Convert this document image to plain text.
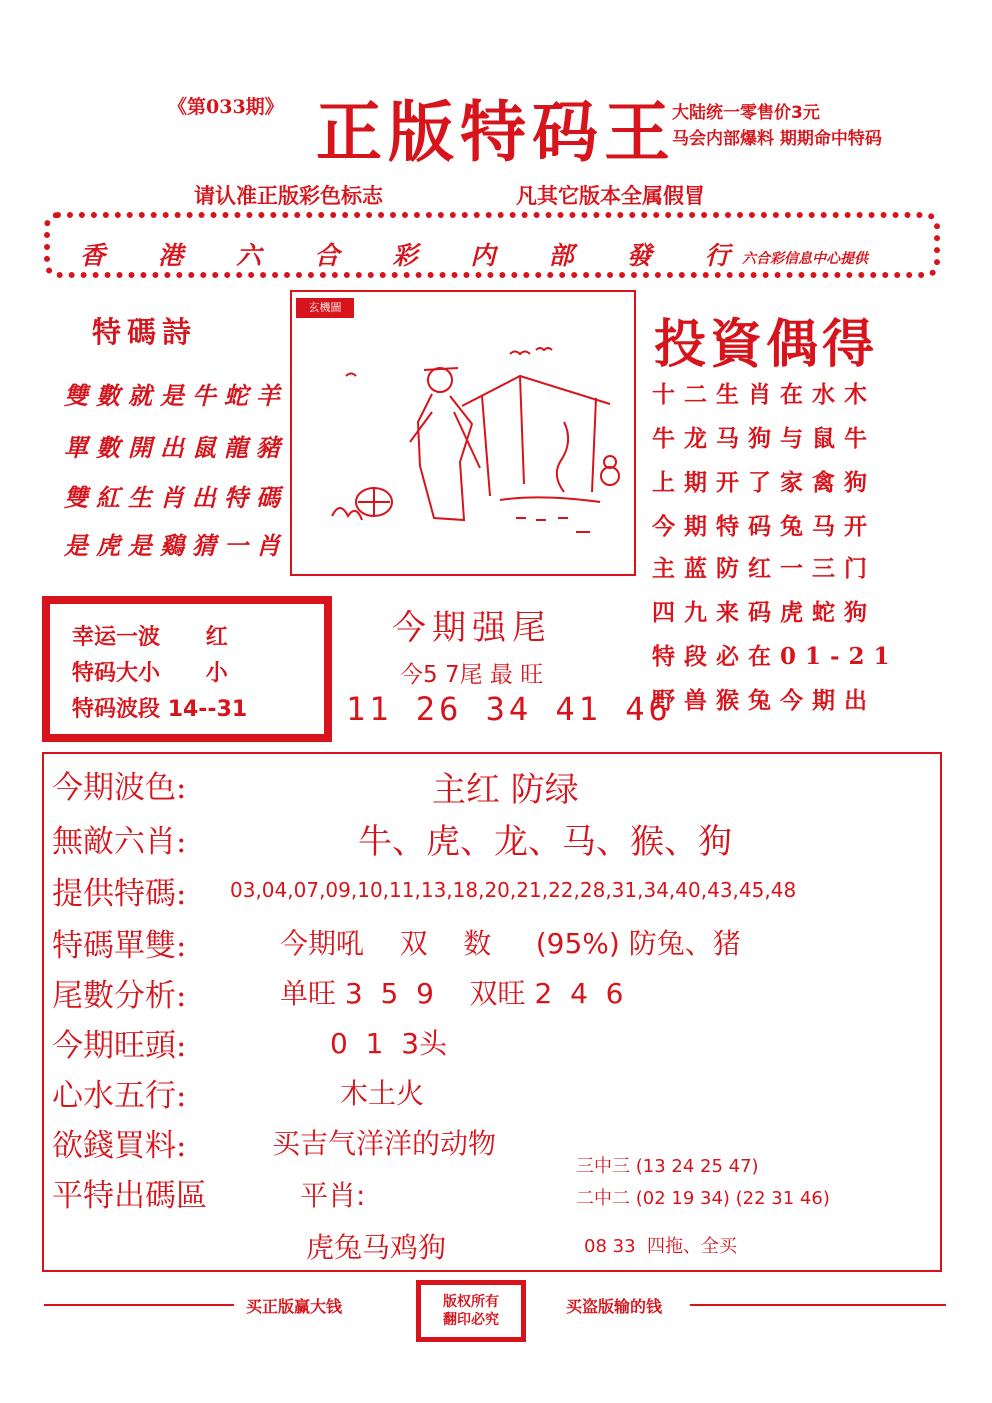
《第033期》 正版特码王
大陆统一零售价3元
马会内部爆料 期期命中特码
请认准正版彩色标志	凡其它版本全属假冒
香 港 六 合 彩 内 部 發 行 六合彩信息中心提供
特碼詩
雙數就是牛蛇羊
單數開出鼠龍豬
雙紅生肖出特碼
是虎是鷄猜一肖
玄機圖
投資偶得
十二生肖在水木
牛龙马狗与鼠牛
上期开了家禽狗
今期特码兔马开
主蓝防红一三门
四九来码虎蛇狗
特段必在01-21
野兽猴兔今期出
幸运一波 红
特码大小 小
特码波段 14--31
今期强尾
今5 7尾 最 旺
11 26 34 41 46
今期波色:	主红 防绿
無敵六肖:	牛、虎、龙、马、猴、狗
提供特碼: 03,04,07,09,10,11,13,18,20,21,22,28,31,34,40,43,45,48
特碼單雙:	今期吼    双    数     (95%) 防兔、猪
尾數分析:	单旺 3  5  9    双旺 2  4  6
今期旺頭:	0  1  3头
心水五行:	木土火
欲錢買料:	买吉气洋洋的动物
平特出碼區	平肖:
虎兔马鸡狗
三中三 (13 24 25 47)
二中二 (02 19 34) (22 31 46)
08 33  四拖、全买
买正版赢大钱	版权所有
翻印必究
买盗版输的钱
